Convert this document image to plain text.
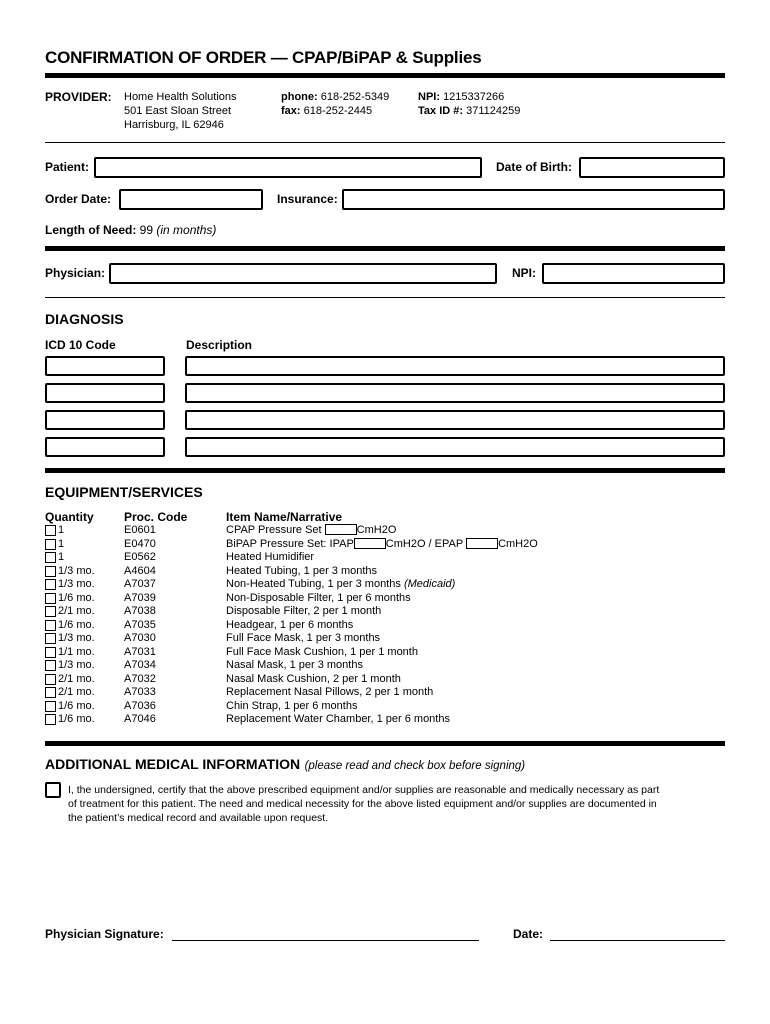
CONFIRMATION OF ORDER — CPAP/BiPAP & Supplies
PROVIDER: Home Health Solutions
501 East Sloan Street
Harrisburg, IL 62946
phone: 618-252-5349
fax: 618-252-2445
NPI: 1215337266
Tax ID #: 371124259
Patient:	Date of Birth:
Order Date:	Insurance:
Length of Need: 99 (in months)
Physician:	NPI:
DIAGNOSIS
ICD 10 Code	Description
EQUIPMENT/SERVICES
Quantity	Proc. Code	Item Name/Narrative
1	E0601	CPAP Pressure Set	CmH2O
1	E0470	BiPAP Pressure Set: IPAP	CmH2O / EPAP	CmH2O
1	E0562	Heated Humidifier
1/3 mo.	A4604	Heated Tubing, 1 per 3 months
1/3 mo.	A7037	Non-Heated Tubing, 1 per 3 months (Medicaid)
1/6 mo.	A7039	Non-Disposable Filter, 1 per 6 months
2/1 mo.	A7038	Disposable Filter, 2 per 1 month
1/6 mo.	A7035	Headgear, 1 per 6 months
1/3 mo.	A7030	Full Face Mask, 1 per 3 months
1/1 mo.	A7031	Full Face Mask Cushion, 1 per 1 month
1/3 mo.	A7034	Nasal Mask, 1 per 3 months
2/1 mo.	A7032	Nasal Mask Cushion, 2 per 1 month
2/1 mo.	A7033	Replacement Nasal Pillows, 2 per 1 month
1/6 mo.	A7036	Chin Strap, 1 per 6 months
1/6 mo.	A7046	Replacement Water Chamber, 1 per 6 months
ADDITIONAL MEDICAL INFORMATION (please read and check box before signing)
I, the undersigned, certify that the above prescribed equipment and/or supplies are reasonable and medically necessary as part
of treatment for this patient. The need and medical necessity for the above listed equipment and/or supplies are documented in
the patient’s medical record and available upon request.
Physician Signature:	Date:
